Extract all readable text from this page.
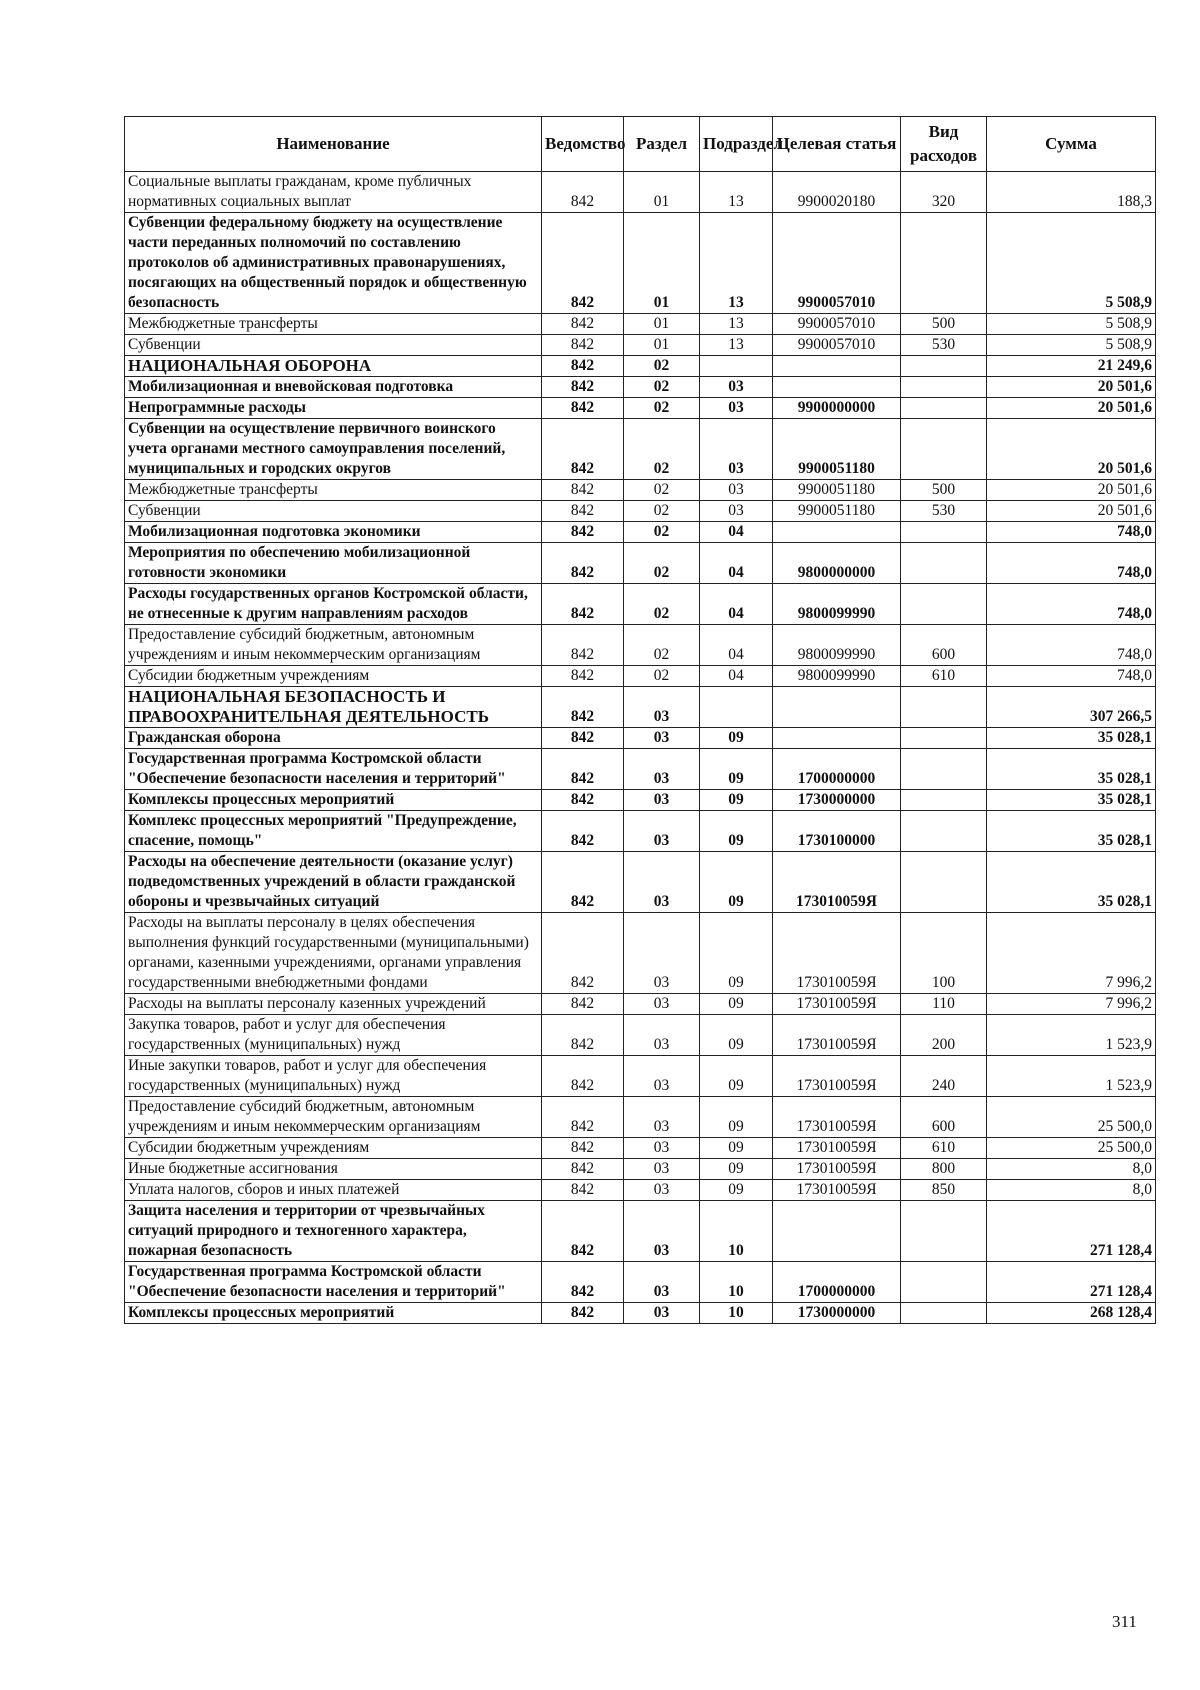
Наименование	Ведомство	Раздел	Подраздел	Целевая статья	Вид расходов	Сумма
Социальные выплаты гражданам, кроме публичных нормативных социальных выплат	842	01	13	9900020180	320	188,3
Субвенции федеральному бюджету на осуществление части переданных полномочий по составлению протоколов об административных правонарушениях, посягающих на общественный порядок и общественную безопасность	842	01	13	9900057010		5 508,9
Межбюджетные трансферты	842	01	13	9900057010	500	5 508,9
Субвенции	842	01	13	9900057010	530	5 508,9
НАЦИОНАЛЬНАЯ ОБОРОНА	842	02				21 249,6
Мобилизационная и вневойсковая подготовка	842	02	03			20 501,6
Непрограммные расходы	842	02	03	9900000000		20 501,6
Субвенции на осуществление первичного воинского учета органами местного самоуправления поселений, муниципальных и городских округов	842	02	03	9900051180		20 501,6
Межбюджетные трансферты	842	02	03	9900051180	500	20 501,6
Субвенции	842	02	03	9900051180	530	20 501,6
Мобилизационная подготовка экономики	842	02	04			748,0
Мероприятия по обеспечению мобилизационной готовности экономики	842	02	04	9800000000		748,0
Расходы государственных органов Костромской области, не отнесенные к другим направлениям расходов	842	02	04	9800099990		748,0
Предоставление субсидий бюджетным, автономным учреждениям и иным некоммерческим организациям	842	02	04	9800099990	600	748,0
Субсидии бюджетным учреждениям	842	02	04	9800099990	610	748,0
НАЦИОНАЛЬНАЯ БЕЗОПАСНОСТЬ И ПРАВООХРАНИТЕЛЬНАЯ ДЕЯТЕЛЬНОСТЬ	842	03				307 266,5
Гражданская оборона	842	03	09			35 028,1
Государственная программа Костромской области "Обеспечение безопасности населения и территорий"	842	03	09	1700000000		35 028,1
Комплексы процессных мероприятий	842	03	09	1730000000		35 028,1
Комплекс процессных мероприятий "Предупреждение, спасение, помощь"	842	03	09	1730100000		35 028,1
Расходы на обеспечение деятельности (оказание услуг) подведомственных учреждений в области гражданской обороны и чрезвычайных ситуаций	842	03	09	173010059Я		35 028,1
Расходы на выплаты персоналу в целях обеспечения выполнения функций государственными (муниципальными) органами, казенными учреждениями, органами управления государственными внебюджетными фондами	842	03	09	173010059Я	100	7 996,2
Расходы на выплаты персоналу казенных учреждений	842	03	09	173010059Я	110	7 996,2
Закупка товаров, работ и услуг для обеспечения государственных (муниципальных) нужд	842	03	09	173010059Я	200	1 523,9
Иные закупки товаров, работ и услуг для обеспечения государственных (муниципальных) нужд	842	03	09	173010059Я	240	1 523,9
Предоставление субсидий бюджетным, автономным учреждениям и иным некоммерческим организациям	842	03	09	173010059Я	600	25 500,0
Субсидии бюджетным учреждениям	842	03	09	173010059Я	610	25 500,0
Иные бюджетные ассигнования	842	03	09	173010059Я	800	8,0
Уплата налогов, сборов и иных платежей	842	03	09	173010059Я	850	8,0
Защита населения и территории от чрезвычайных ситуаций природного и техногенного характера, пожарная безопасность	842	03	10			271 128,4
Государственная программа Костромской области "Обеспечение безопасности населения и территорий"	842	03	10	1700000000		271 128,4
Комплексы процессных мероприятий	842	03	10	1730000000		268 128,4
311
